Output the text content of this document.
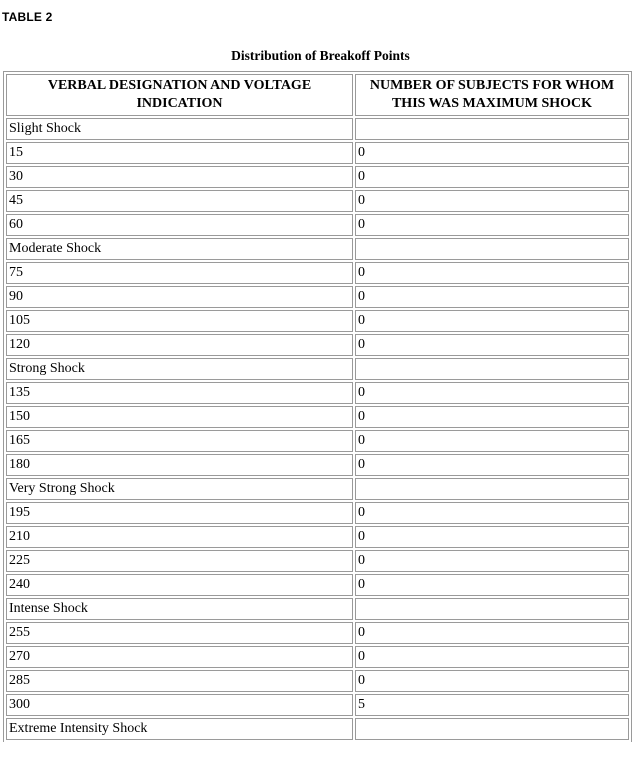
TABLE 2
Distribution of Breakoff Points
VERBAL DESIGNATION AND VOLTAGE INDICATION	NUMBER OF SUBJECTS FOR WHOM THIS WAS MAXIMUM SHOCK
Slight Shock	
15	0
30	0
45	0
60	0
Moderate Shock	
75	0
90	0
105	0
120	0
Strong Shock	
135	0
150	0
165	0
180	0
Very Strong Shock	
195	0
210	0
225	0
240	0
Intense Shock	
255	0
270	0
285	0
300	5
Extreme Intensity Shock	
